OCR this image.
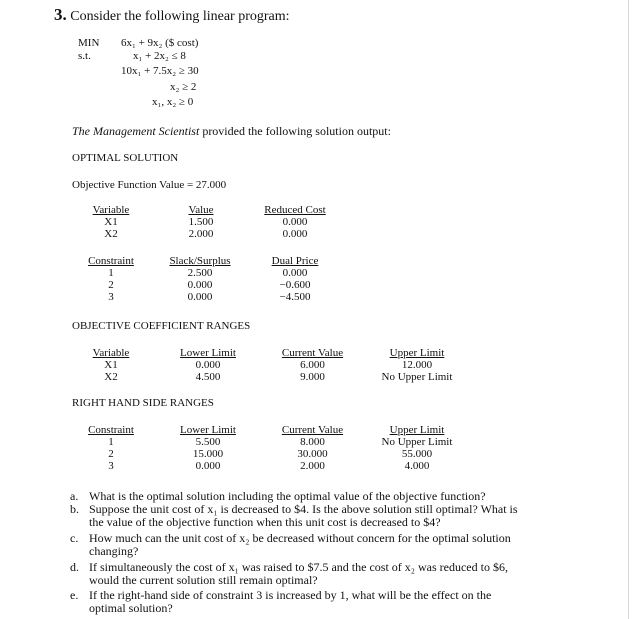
3. Consider the following linear program:
MIN
s.t.
6x₁ + 9x₂ ($ cost)
x₁ + 2x₂ ≤ 8
10x₁ + 7.5x₂ ≥ 30
x₂ ≥ 2
x₁, x₂ ≥ 0
The Management Scientist provided the following solution output:
OPTIMAL SOLUTION
Objective Function Value = 27.000
Variable
X1
X2
Value
1.500
2.000
Reduced Cost
0.000
0.000
Constraint
1
2
3
Slack/Surplus
2.500
0.000
0.000
Dual Price
0.000
−0.600
−4.500
OBJECTIVE COEFFICIENT RANGES
Variable
X1
X2
Lower Limit
0.000
4.500
Current Value
6.000
9.000
Upper Limit
12.000
No Upper Limit
RIGHT HAND SIDE RANGES
Constraint
1
2
3
Lower Limit
5.500
15.000
0.000
Current Value
8.000
30.000
2.000
Upper Limit
No Upper Limit
55.000
4.000
a. What is the optimal solution including the optimal value of the objective function?
b. Suppose the unit cost of x₁ is decreased to $4. Is the above solution still optimal? What is the value of the objective function when this unit cost is decreased to $4?
c. How much can the unit cost of x₂ be decreased without concern for the optimal solution changing?
d. If simultaneously the cost of x₁ was raised to $7.5 and the cost of x₂ was reduced to $6, would the current solution still remain optimal?
e. If the right-hand side of constraint 3 is increased by 1, what will be the effect on the optimal solution?
